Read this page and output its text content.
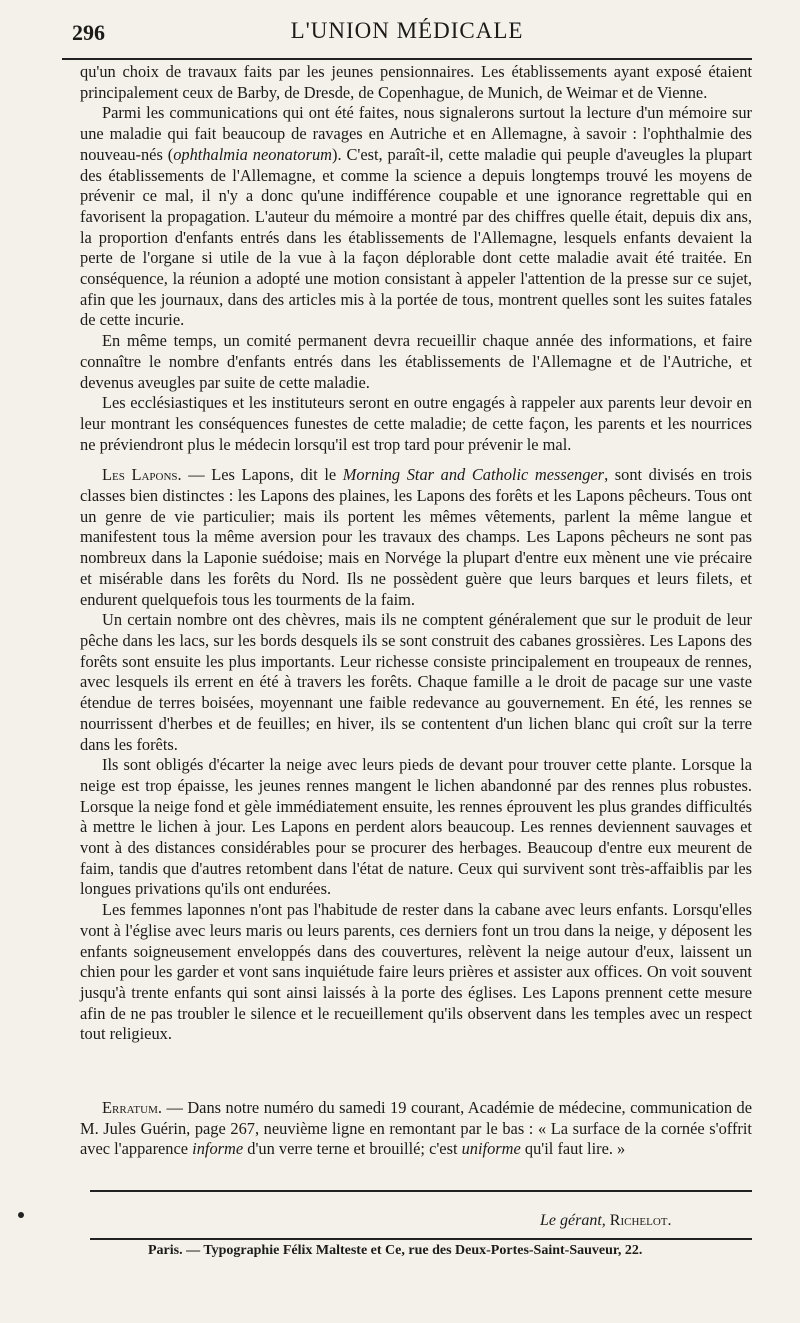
296	L'UNION MÉDICALE

qu'un choix de travaux faits par les jeunes pensionnaires. Les établissements ayant exposé étaient principalement ceux de Barby, de Dresde, de Copenhague, de Munich, de Weimar et de Vienne.

Parmi les communications qui ont été faites, nous signalerons surtout la lecture d'un mémoire sur une maladie qui fait beaucoup de ravages en Autriche et en Allemagne, à savoir : l'ophthalmie des nouveau-nés (ophthalmia neonatorum). C'est, paraît-il, cette maladie qui peuple d'aveugles la plupart des établissements de l'Allemagne, et comme la science a depuis longtemps trouvé les moyens de prévenir ce mal, il n'y a donc qu'une indifférence coupable et une ignorance regrettable qui en favorisent la propagation. L'auteur du mémoire a montré par des chiffres quelle était, depuis dix ans, la proportion d'enfants entrés dans les établissements de l'Allemagne, lesquels enfants devaient la perte de l'organe si utile de la vue à la façon déplorable dont cette maladie avait été traitée. En conséquence, la réunion a adopté une motion consistant à appeler l'attention de la presse sur ce sujet, afin que les journaux, dans des articles mis à la portée de tous, montrent quelles sont les suites fatales de cette incurie.

En même temps, un comité permanent devra recueillir chaque année des informations, et faire connaître le nombre d'enfants entrés dans les établissements de l'Allemagne et de l'Autriche, et devenus aveugles par suite de cette maladie.

Les ecclésiastiques et les instituteurs seront en outre engagés à rappeler aux parents leur devoir en leur montrant les conséquences funestes de cette maladie; de cette façon, les parents et les nourrices ne préviendront plus le médecin lorsqu'il est trop tard pour prévenir le mal.

Les Lapons. — Les Lapons, dit le Morning Star and Catholic messenger, sont divisés en trois classes bien distinctes : les Lapons des plaines, les Lapons des forêts et les Lapons pêcheurs. Tous ont un genre de vie particulier; mais ils portent les mêmes vêtements, parlent la même langue et manifestent tous la même aversion pour les travaux des champs. Les Lapons pêcheurs ne sont pas nombreux dans la Laponie suédoise; mais en Norvége la plupart d'entre eux mènent une vie précaire et misérable dans les forêts du Nord. Ils ne possèdent guère que leurs barques et leurs filets, et endurent quelquefois tous les tourments de la faim.

Un certain nombre ont des chèvres, mais ils ne comptent généralement que sur le produit de leur pêche dans les lacs, sur les bords desquels ils se sont construit des cabanes grossières. Les Lapons des forêts sont ensuite les plus importants. Leur richesse consiste principalement en troupeaux de rennes, avec lesquels ils errent en été à travers les forêts. Chaque famille a le droit de pacage sur une vaste étendue de terres boisées, moyennant une faible redevance au gouvernement. En été, les rennes se nourrissent d'herbes et de feuilles; en hiver, ils se contentent d'un lichen blanc qui croît sur la terre dans les forêts.

Ils sont obligés d'écarter la neige avec leurs pieds de devant pour trouver cette plante. Lorsque la neige est trop épaisse, les jeunes rennes mangent le lichen abandonné par des rennes plus robustes. Lorsque la neige fond et gèle immédiatement ensuite, les rennes éprouvent les plus grandes difficultés à mettre le lichen à jour. Les Lapons en perdent alors beaucoup. Les rennes deviennent sauvages et vont à des distances considérables pour se procurer des herbages. Beaucoup d'entre eux meurent de faim, tandis que d'autres retombent dans l'état de nature. Ceux qui survivent sont très-affaiblis par les longues privations qu'ils ont endurées.

Les femmes laponnes n'ont pas l'habitude de rester dans la cabane avec leurs enfants. Lorsqu'elles vont à l'église avec leurs maris ou leurs parents, ces derniers font un trou dans la neige, y déposent les enfants soigneusement enveloppés dans des couvertures, relèvent la neige autour d'eux, laissent un chien pour les garder et vont sans inquiétude faire leurs prières et assister aux offices. On voit souvent jusqu'à trente enfants qui sont ainsi laissés à la porte des églises. Les Lapons prennent cette mesure afin de ne pas troubler le silence et le recueillement qu'ils observent dans les temples avec un respect tout religieux.

Erratum. — Dans notre numéro du samedi 19 courant, Académie de médecine, communication de M. Jules Guérin, page 267, neuvième ligne en remontant par le bas : « La surface de la cornée s'offrit avec l'apparence informe d'un verre terne et brouillé; c'est uniforme qu'il faut lire. »

Le gérant, Richelot.
Paris. — Typographie Félix Malteste et Ce, rue des Deux-Portes-Saint-Sauveur, 22.
